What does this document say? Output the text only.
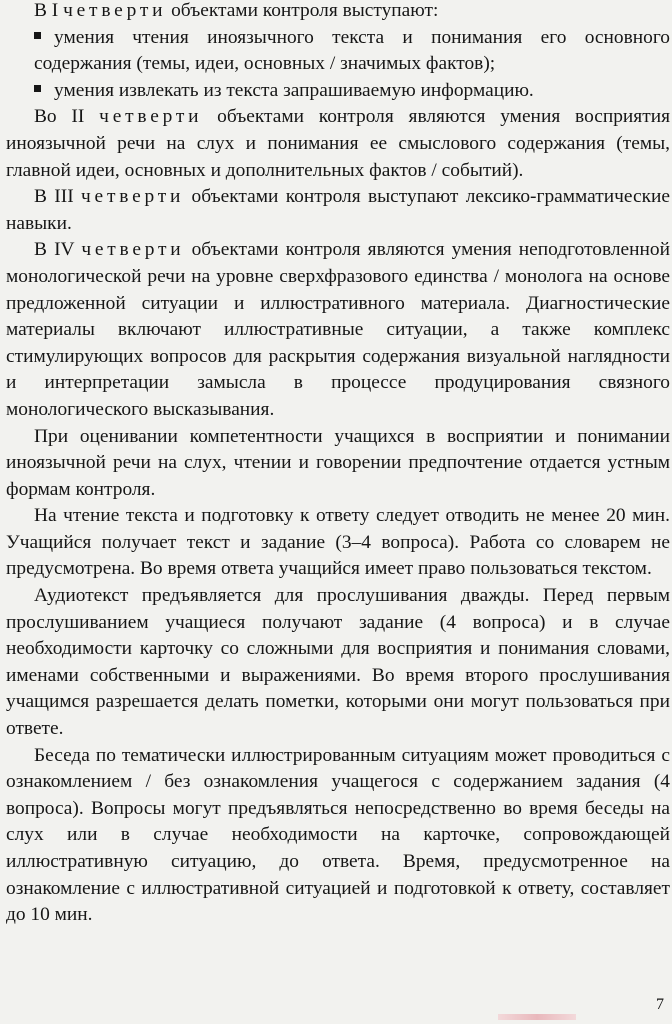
В I четверти объектами контроля выступают:

умения чтения иноязычного текста и понимания его основного содержания (темы, идеи, основных / значимых фактов);
умения извлекать из текста запрашиваемую информацию.

Во II четверти объектами контроля являются умения восприятия иноязычной речи на слух и понимания ее смыслового содержания (темы, главной идеи, основных и дополнительных фактов / событий).

В III четверти объектами контроля выступают лексико-грамматические навыки.

В IV четверти объектами контроля являются умения неподготовленной монологической речи на уровне сверхфразового единства / монолога на основе предложенной ситуации и иллюстративного материала. Диагностические материалы включают иллюстративные ситуации, а также комплекс стимулирующих вопросов для раскрытия содержания визуальной наглядности и интерпретации замысла в процессе продуцирования связного монологического высказывания.

При оценивании компетентности учащихся в восприятии и понимании иноязычной речи на слух, чтении и говорении предпочтение отдается устным формам контроля.

На чтение текста и подготовку к ответу следует отводить не менее 20 мин. Учащийся получает текст и задание (3–4 вопроса). Работа со словарем не предусмотрена. Во время ответа учащийся имеет право пользоваться текстом.

Аудиотекст предъявляется для прослушивания дважды. Перед первым прослушиванием учащиеся получают задание (4 вопроса) и в случае необходимости карточку со сложными для восприятия и понимания словами, именами собственными и выражениями. Во время второго прослушивания учащимся разрешается делать пометки, которыми они могут пользоваться при ответе.

Беседа по тематически иллюстрированным ситуациям может проводиться с ознакомлением / без ознакомления учащегося с содержанием задания (4 вопроса). Вопросы могут предъявляться непосредственно во время беседы на слух или в случае необходимости на карточке, сопровождающей иллюстративную ситуацию, до ответа. Время, предусмотренное на ознакомление с иллюстративной ситуацией и подготовкой к ответу, составляет до 10 мин.

7
